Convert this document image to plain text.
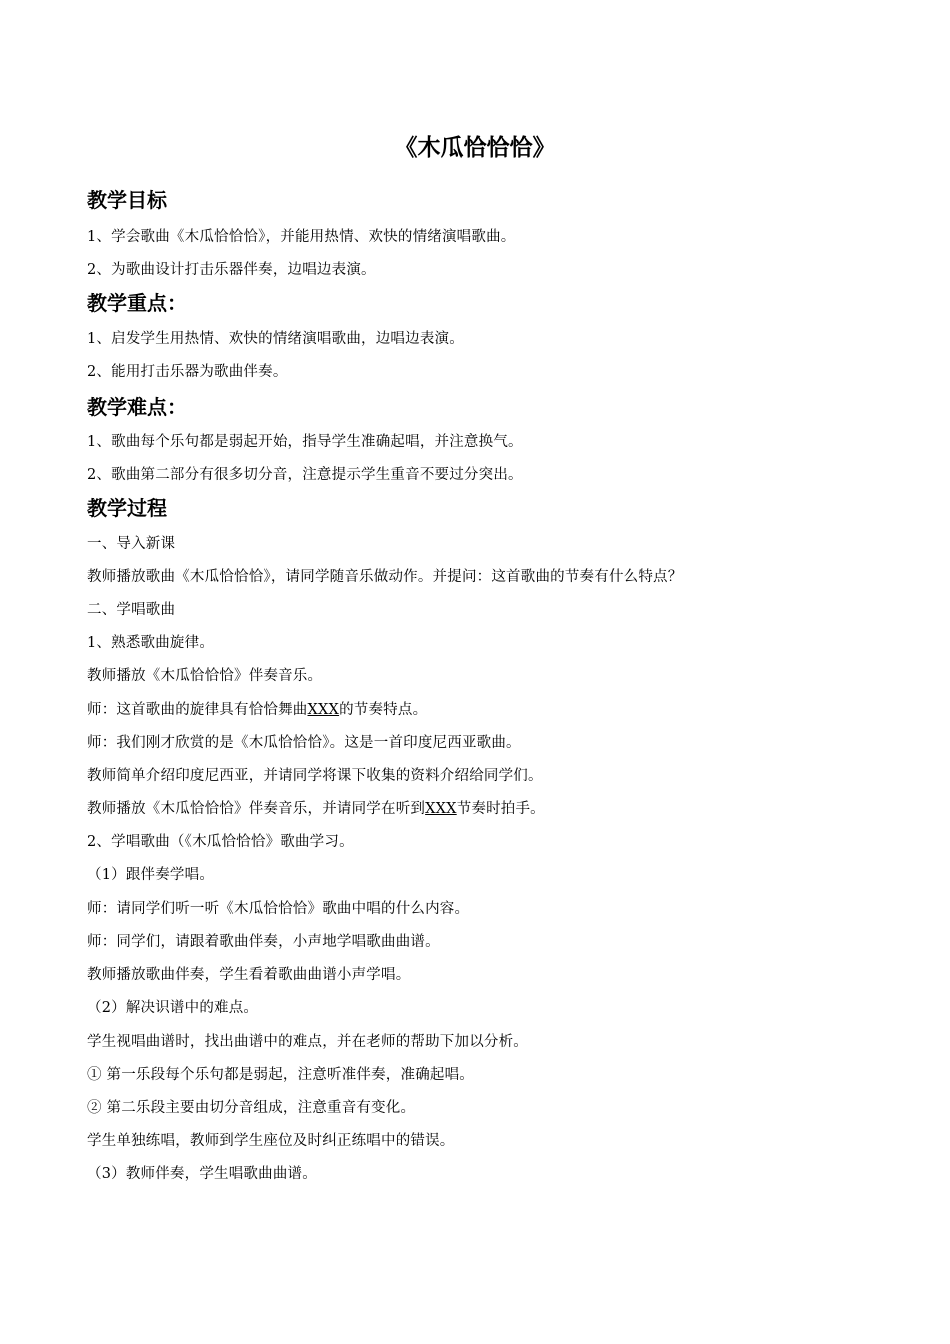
《木瓜恰恰恰》
教学目标
1、学会歌曲《木瓜恰恰恰》，并能用热情、欢快的情绪演唱歌曲。
2、为歌曲设计打击乐器伴奏，边唱边表演。
教学重点：
1、启发学生用热情、欢快的情绪演唱歌曲，边唱边表演。
2、能用打击乐器为歌曲伴奏。
教学难点：
1、歌曲每个乐句都是弱起开始，指导学生准确起唱，并注意换气。
2、歌曲第二部分有很多切分音，注意提示学生重音不要过分突出。
教学过程
一、导入新课
教师播放歌曲《木瓜恰恰恰》，请同学随音乐做动作。并提问：这首歌曲的节奏有什么特点？
二、学唱歌曲
1、熟悉歌曲旋律。
教师播放《木瓜恰恰恰》伴奏音乐。
师：这首歌曲的旋律具有恰恰舞曲XXX的节奏特点。
师：我们刚才欣赏的是《木瓜恰恰恰》。这是一首印度尼西亚歌曲。
教师简单介绍印度尼西亚，并请同学将课下收集的资料介绍给同学们。
教师播放《木瓜恰恰恰》伴奏音乐，并请同学在听到XXX节奏时拍手。
2、学唱歌曲（《木瓜恰恰恰》歌曲学习。
（1）跟伴奏学唱。
师：请同学们听一听《木瓜恰恰恰》歌曲中唱的什么内容。
师：同学们，请跟着歌曲伴奏，小声地学唱歌曲曲谱。
教师播放歌曲伴奏，学生看着歌曲曲谱小声学唱。
（2）解决识谱中的难点。
学生视唱曲谱时，找出曲谱中的难点，并在老师的帮助下加以分析。
① 第一乐段每个乐句都是弱起，注意听准伴奏，准确起唱。
② 第二乐段主要由切分音组成，注意重音有变化。
学生单独练唱，教师到学生座位及时纠正练唱中的错误。
（3）教师伴奏，学生唱歌曲曲谱。
